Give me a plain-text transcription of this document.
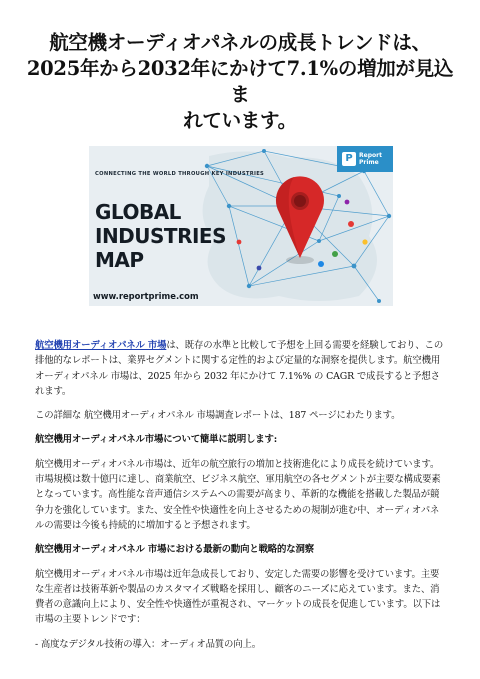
航空機オーディオパネルの成長トレンドは、
2025年から2032年にかけて7.1%の増加が見込ま
れています。
CONNECTING THE WORLD THROUGH KEY INDUSTRIES
GLOBAL
INDUSTRIES
MAP
www.reportprime.com
P	Report
Prime

航空機用オーディオパネル 市場は、既存の水準と比較して予想を上回る需要を経験しており、この排他的なレポートは、業界セグメントに関する定性的および定量的な洞察を提供します。航空機用オーディオパネル 市場は、2025 年から 2032 年にかけて 7.1%% の CAGR で成長すると予想されます。

この詳細な 航空機用オーディオパネル 市場調査レポートは、187 ページにわたります。

航空機用オーディオパネル市場について簡単に説明します:

航空機用オーディオパネル市場は、近年の航空旅行の増加と技術進化により成長を続けています。市場規模は数十億円に達し、商業航空、ビジネス航空、軍用航空の各セグメントが主要な構成要素となっています。高性能な音声通信システムへの需要が高まり、革新的な機能を搭載した製品が競争力を強化しています。また、安全性や快適性を向上させるための規制が進む中、オーディオパネルの需要は今後も持続的に増加すると予想されます。

航空機用オーディオパネル 市場における最新の動向と戦略的な洞察

航空機用オーディオパネル市場は近年急成長しており、安定した需要の影響を受けています。主要な生産者は技術革新や製品のカスタマイズ戦略を採用し、顧客のニーズに応えています。また、消費者の意識向上により、安全性や快適性が重視され、マーケットの成長を促進しています。以下は市場の主要トレンドです：

- 高度なデジタル技術の導入：オーディオ品質の向上。
